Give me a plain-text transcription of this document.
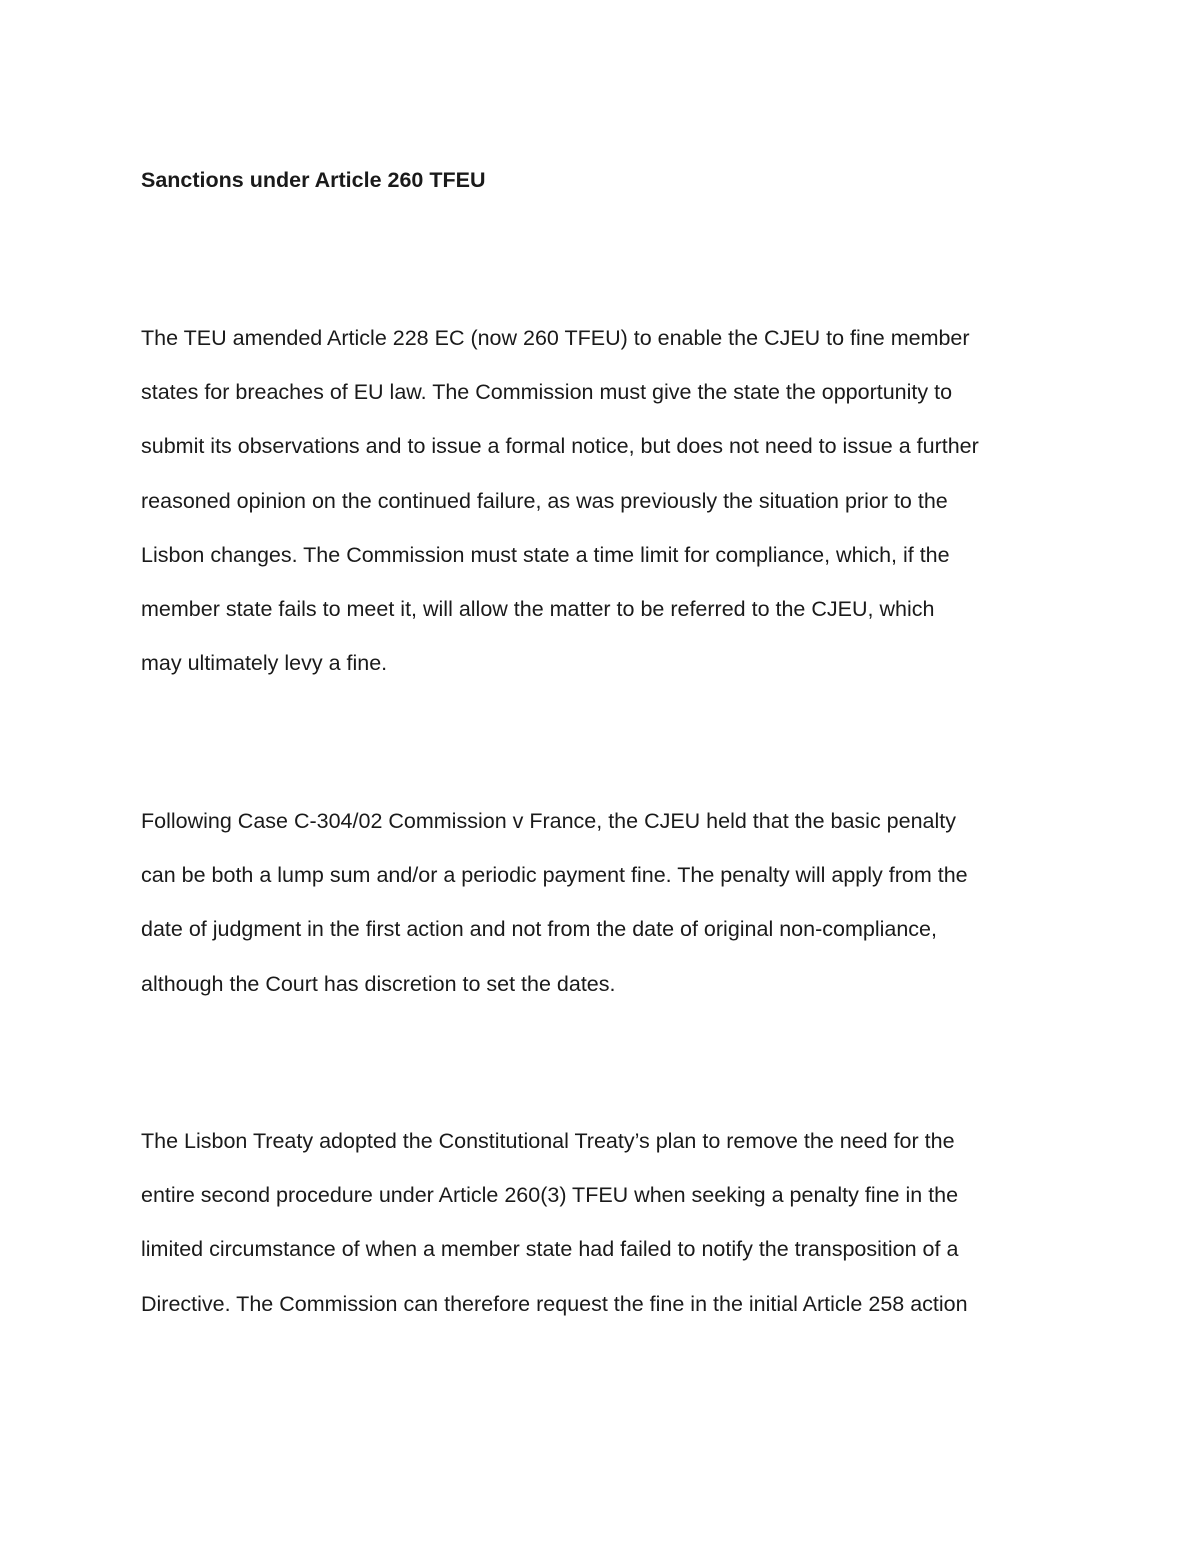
Sanctions under Article 260 TFEU

The TEU amended Article 228 EC (now 260 TFEU) to enable the CJEU to fine member
states for breaches of EU law. The Commission must give the state the opportunity to
submit its observations and to issue a formal notice, but does not need to issue a further
reasoned opinion on the continued failure, as was previously the situation prior to the
Lisbon changes. The Commission must state a time limit for compliance, which, if the
member state fails to meet it, will allow the matter to be referred to the CJEU, which
may ultimately levy a fine.

Following Case C-304/02 Commission v France, the CJEU held that the basic penalty
can be both a lump sum and/or a periodic payment fine. The penalty will apply from the
date of judgment in the first action and not from the date of original non-compliance,
although the Court has discretion to set the dates.

The Lisbon Treaty adopted the Constitutional Treaty’s plan to remove the need for the
entire second procedure under Article 260(3) TFEU when seeking a penalty fine in the
limited circumstance of when a member state had failed to notify the transposition of a
Directive. The Commission can therefore request the fine in the initial Article 258 action
